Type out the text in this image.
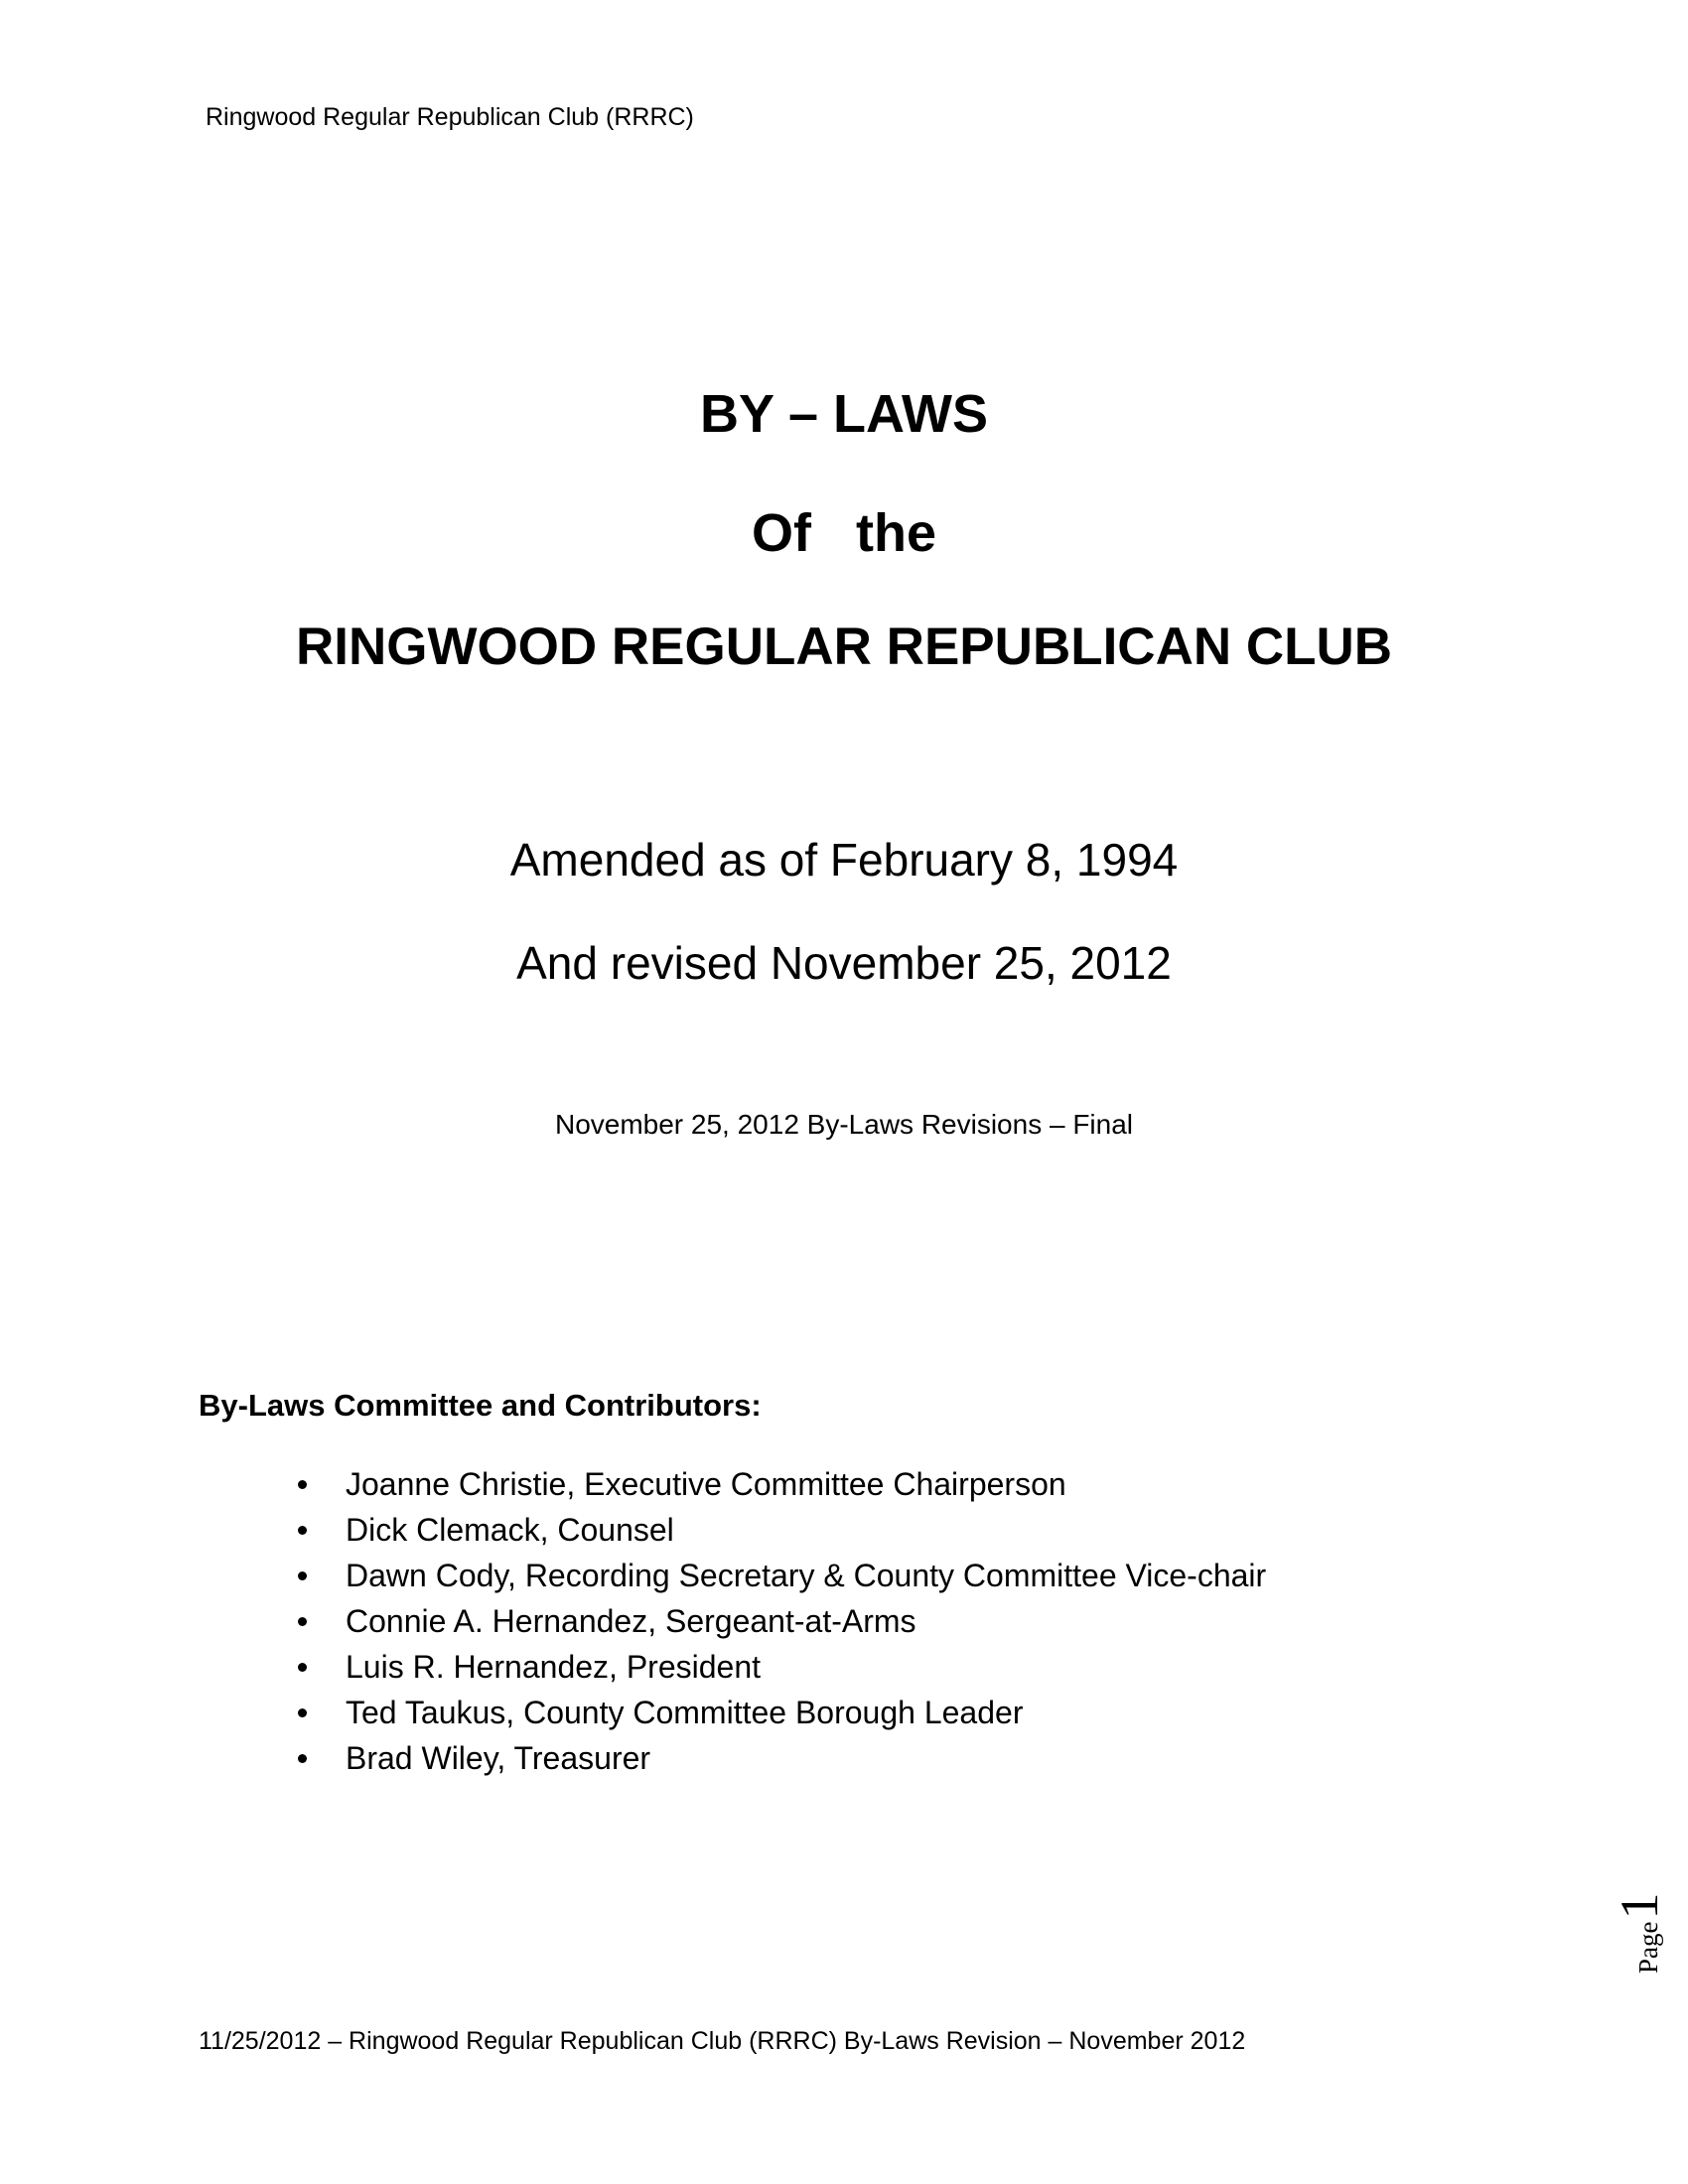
Ringwood Regular Republican Club (RRRC)
BY – LAWS
Of   the
RINGWOOD REGULAR REPUBLICAN CLUB
Amended as of February 8, 1994
And revised November 25, 2012
November 25, 2012 By-Laws Revisions – Final
By-Laws Committee and Contributors:
Joanne Christie, Executive Committee Chairperson
Dick Clemack, Counsel
Dawn Cody, Recording Secretary & County Committee Vice-chair
Connie A. Hernandez, Sergeant-at-Arms
Luis R. Hernandez, President
Ted Taukus, County Committee Borough Leader
Brad Wiley, Treasurer
Page1
11/25/2012 – Ringwood Regular Republican Club (RRRC) By-Laws Revision – November 2012
